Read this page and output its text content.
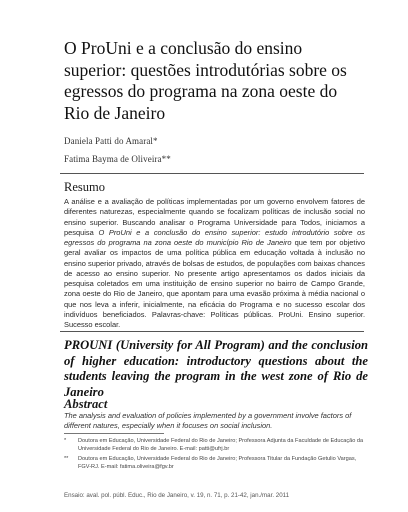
O ProUni e a conclusão do ensino superior: questões introdutórias sobre os egressos do programa na zona oeste do Rio de Janeiro
Daniela Patti do Amaral*
Fatima Bayma de Oliveira**
Resumo
A análise e a avaliação de políticas implementadas por um governo envolvem fatores de diferentes naturezas, especialmente quando se focalizam políticas de inclusão social no ensino superior. Buscando analisar o Programa Universidade para Todos, iniciamos a pesquisa O ProUni e a conclusão do ensino superior: estudo introdutório sobre os egressos do programa na zona oeste do município Rio de Janeiro que tem por objetivo geral avaliar os impactos de uma política pública em educação voltada à inclusão no ensino superior privado, através de bolsas de estudos, de populações com baixas chances de acesso ao ensino superior. No presente artigo apresentamos os dados iniciais da pesquisa coletados em uma instituição de ensino superior no bairro de Campo Grande, zona oeste do Rio de Janeiro, que apontam para uma evasão próxima à média nacional o que nos leva a inferir, inicialmente, na eficácia do Programa e no sucesso escolar dos indivíduos beneficiados. Palavras-chave: Políticas públicas. ProUni. Ensino superior. Sucesso escolar.
PROUNI (University for All Program) and the conclusion of higher education: introductory questions about the students leaving the program in the west zone of Rio de Janeiro
Abstract
The analysis and evaluation of policies implemented by a government involve factors of different natures, especially when it focuses on social inclusion.
* Doutora em Educação, Universidade Federal do Rio de Janeiro; Professora Adjunta da Faculdade de Educação da Universidade Federal do Rio de Janeiro. E-mail: patti@ufrj.br
** Doutora em Educação, Universidade Federal do Rio de Janeiro; Professora Titular da Fundação Getulio Vargas, FGV-RJ. E-mail: fatima.oliveira@fgv.br
Ensaio: aval. pol. públ. Educ., Rio de Janeiro, v. 19, n. 71, p. 21-42, jan./mar. 2011
